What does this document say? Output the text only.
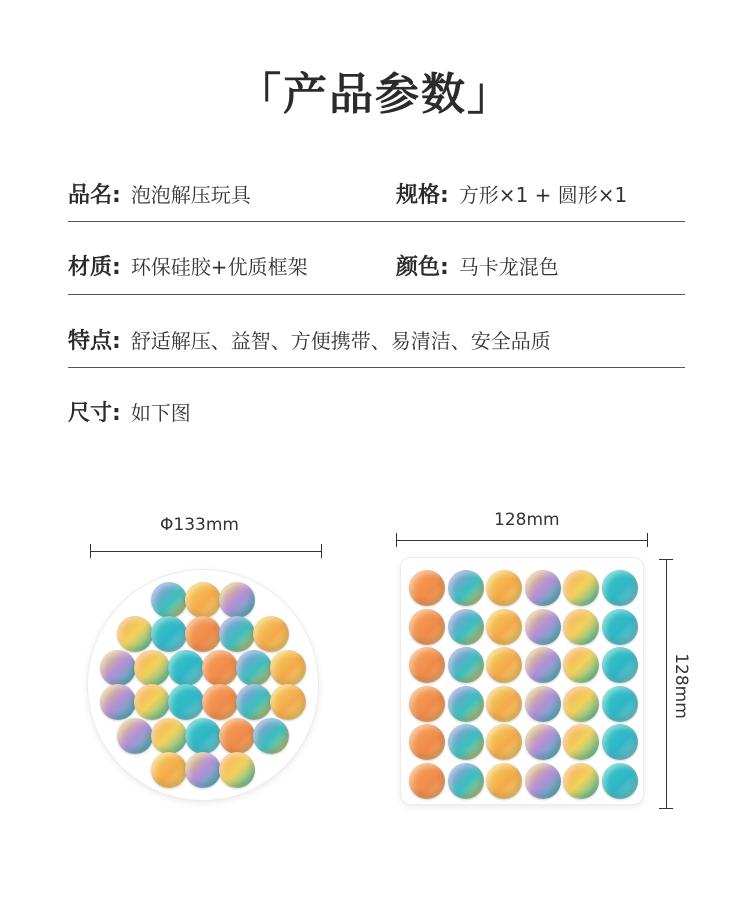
「产品参数」
品名: 泡泡解压玩具	规格: 方形×1 + 圆形×1
材质: 环保硅胶+优质框架	颜色: 马卡龙混色
特点: 舒适解压、益智、方便携带、易清洁、安全品质
尺寸: 如下图
Φ133mm	128mm
128mm
